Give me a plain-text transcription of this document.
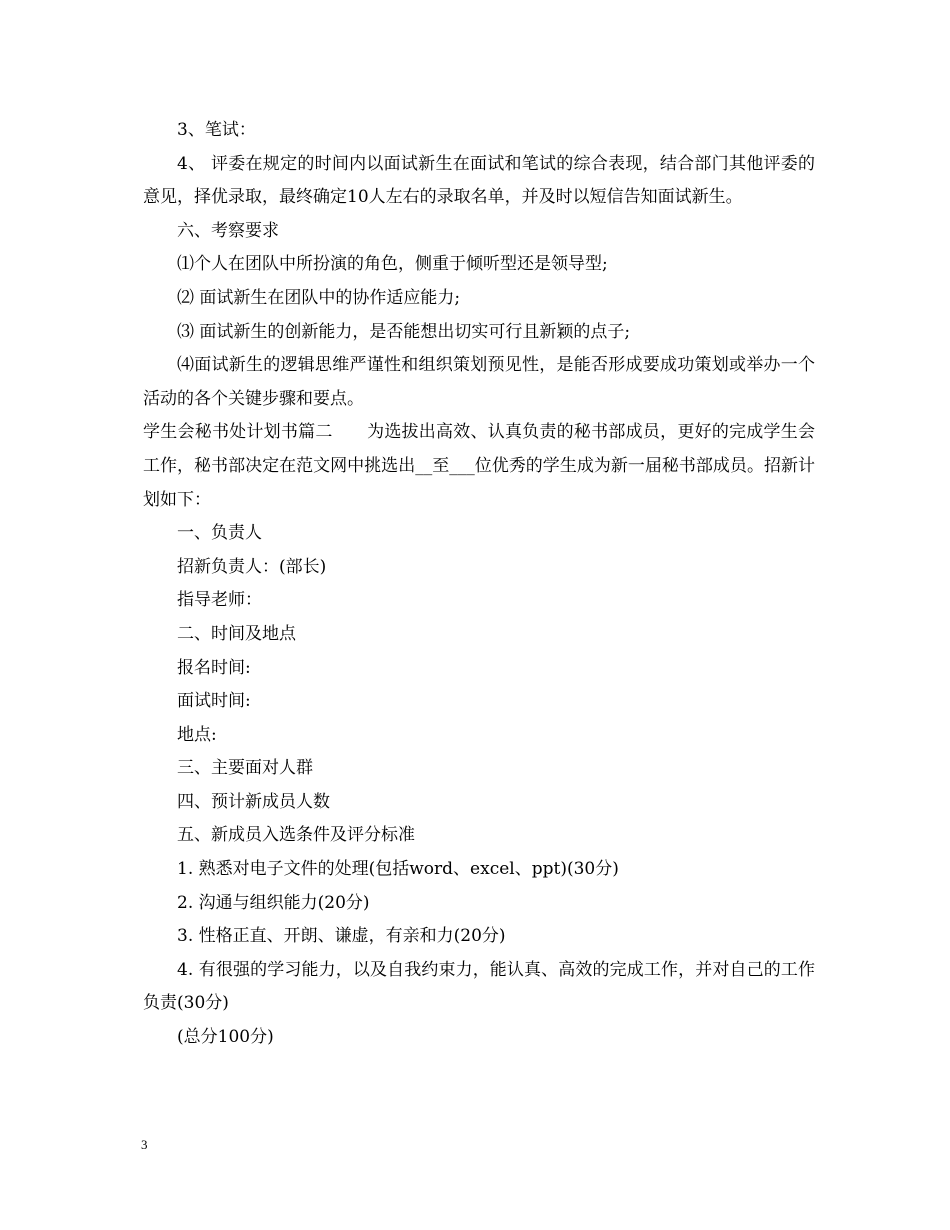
3、笔试：

4、 评委在规定的时间内以面试新生在面试和笔试的综合表现，结合部门其他评委的意见，择优录取，最终确定10人左右的录取名单，并及时以短信告知面试新生。

六、考察要求

⑴个人在团队中所扮演的角色，侧重于倾听型还是领导型;

⑵ 面试新生在团队中的协作适应能力;

⑶ 面试新生的创新能力，是否能想出切实可行且新颖的点子;

⑷面试新生的逻辑思维严谨性和组织策划预见性，是能否形成要成功策划或举办一个活动的各个关键步骤和要点。

学生会秘书处计划书篇二　　为选拔出高效、认真负责的秘书部成员，更好的完成学生会工作，秘书部决定在范文网中挑选出__至___位优秀的学生成为新一届秘书部成员。招新计划如下：

一、负责人

招新负责人：(部长)

指导老师：

二、时间及地点

报名时间:

面试时间:

地点:

三、主要面对人群

四、预计新成员人数

五、新成员入选条件及评分标准

1. 熟悉对电子文件的处理(包括word、excel、ppt)(30分)

2. 沟通与组织能力(20分)

3. 性格正直、开朗、谦虚，有亲和力(20分)

4. 有很强的学习能力，以及自我约束力，能认真、高效的完成工作，并对自己的工作负责(30分)

(总分100分)

3
